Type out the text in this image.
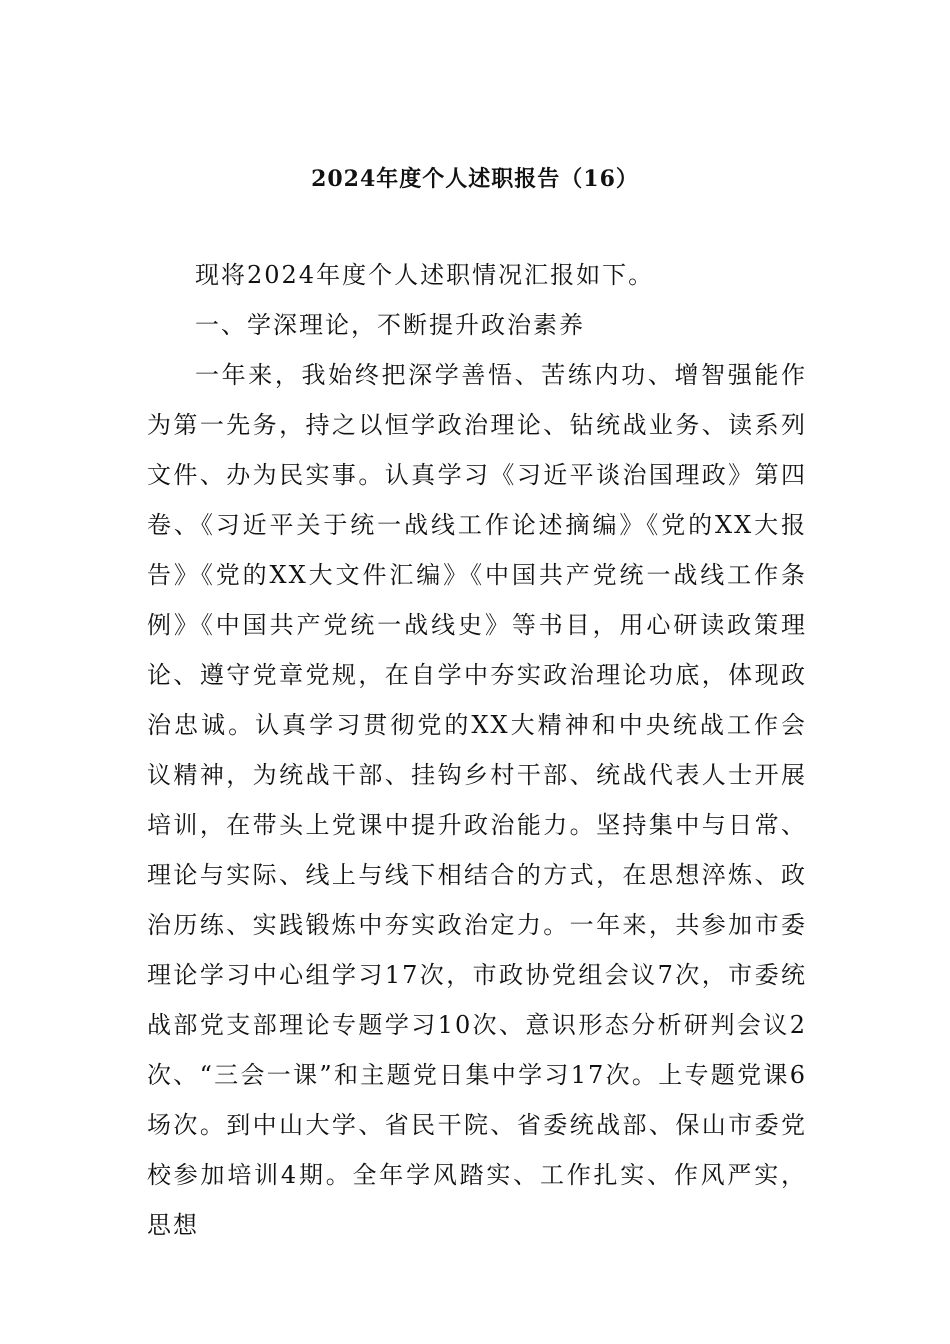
2024年度个人述职报告（16）

现将2024年度个人述职情况汇报如下。

一、学深理论，不断提升政治素养

一年来，我始终把深学善悟、苦练内功、增智强能作为第一先务，持之以恒学政治理论、钻统战业务、读系列文件、办为民实事。认真学习《习近平谈治国理政》第四卷、《习近平关于统一战线工作论述摘编》《党的XX大报告》《党的XX大文件汇编》《中国共产党统一战线工作条例》《中国共产党统一战线史》等书目，用心研读政策理论、遵守党章党规，在自学中夯实政治理论功底，体现政治忠诚。认真学习贯彻党的XX大精神和中央统战工作会议精神，为统战干部、挂钩乡村干部、统战代表人士开展培训，在带头上党课中提升政治能力。坚持集中与日常、理论与实际、线上与线下相结合的方式，在思想淬炼、政治历练、实践锻炼中夯实政治定力。一年来，共参加市委理论学习中心组学习17次，市政协党组会议7次，市委统战部党支部理论专题学习10次、意识形态分析研判会议2次、“三会一课”和主题党日集中学习17次。上专题党课6场次。到中山大学、省民干院、省委统战部、保山市委党校参加培训4期。全年学风踏实、工作扎实、作风严实，思想
